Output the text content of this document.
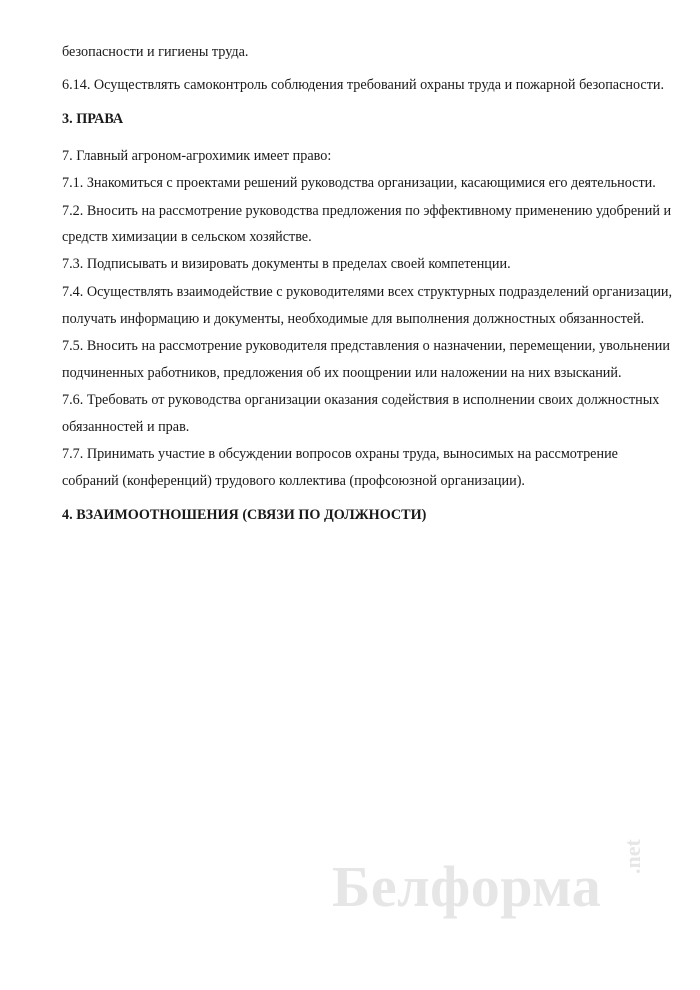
безопасности и гигиены труда.

6.14. Осуществлять самоконтроль соблюдения требований охраны труда и пожарной безопасности.

3. ПРАВА

7. Главный агроном-агрохимик имеет право:

7.1. Знакомиться с проектами решений руководства организации, касающимися его деятельности.

7.2. Вносить на рассмотрение руководства предложения по эффективному применению удобрений и

средств химизации в сельском хозяйстве.

7.3. Подписывать и визировать документы в пределах своей компетенции.

7.4. Осуществлять взаимодействие с руководителями всех структурных подразделений организации,

получать информацию и документы, необходимые для выполнения должностных обязанностей.

7.5. Вносить на рассмотрение руководителя представления о назначении, перемещении, увольнении

подчиненных работников, предложения об их поощрении или наложении на них взысканий.

7.6. Требовать от руководства организации оказания содействия в исполнении своих должностных

обязанностей и прав.

7.7. Принимать участие в обсуждении вопросов охраны труда, выносимых на рассмотрение

собраний (конференций) трудового коллектива (профсоюзной организации).

4. ВЗАИМООТНОШЕНИЯ (СВЯЗИ ПО ДОЛЖНОСТИ)

Белформа .net
